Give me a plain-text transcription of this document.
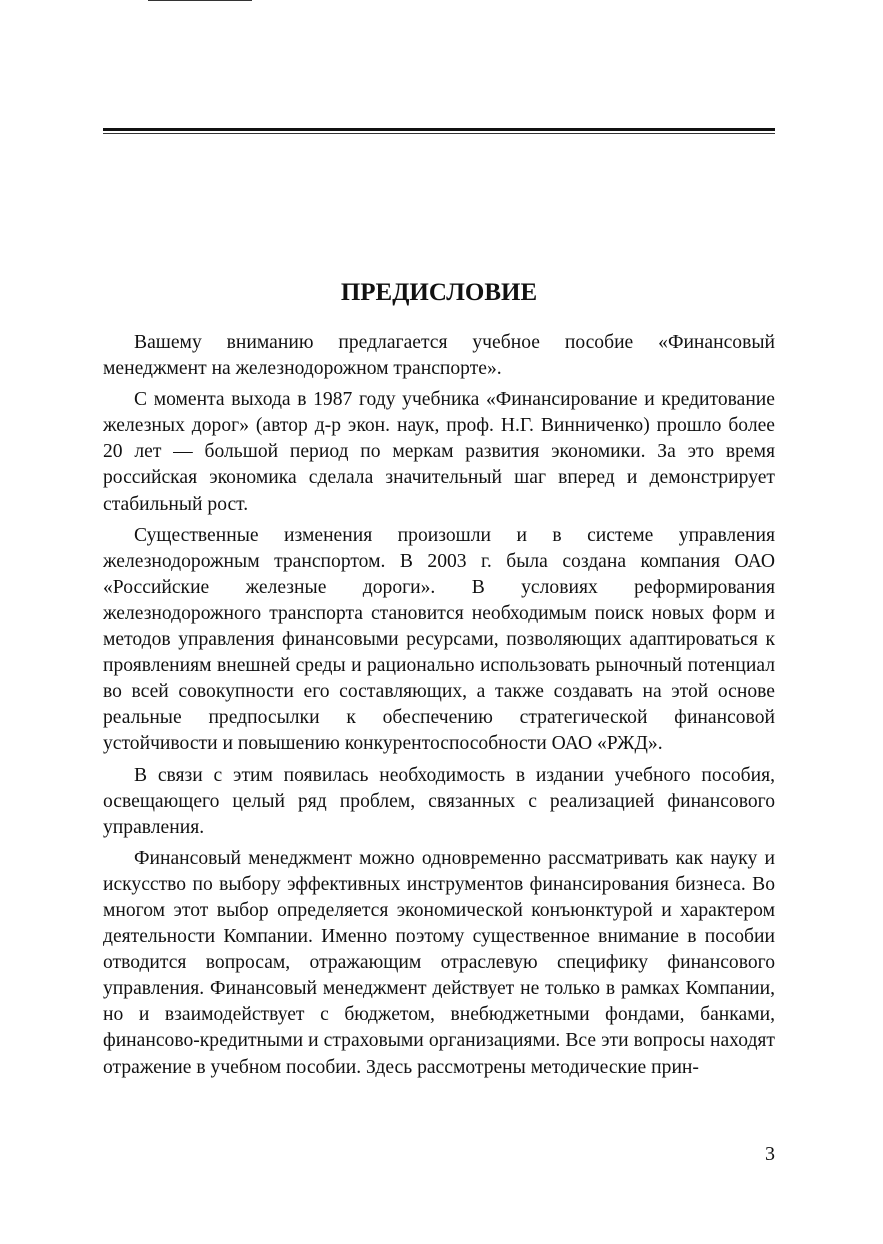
ПРЕДИСЛОВИЕ

Вашему вниманию предлагается учебное пособие «Финансовый менеджмент на железнодорожном транспорте».

С момента выхода в 1987 году учебника «Финансирование и кредитование железных дорог» (автор д-р экон. наук, проф. Н.Г. Винниченко) прошло более 20 лет — большой период по меркам развития экономики. За это время российская экономика сделала значительный шаг вперед и демонстрирует стабильный рост.

Существенные изменения произошли и в системе управления железнодорожным транспортом. В 2003 г. была создана компания ОАО «Российские железные дороги». В условиях реформирования железнодорожного транспорта становится необходимым поиск новых форм и методов управления финансовыми ресурсами, позволяющих адаптироваться к проявлениям внешней среды и рационально использовать рыночный потенциал во всей совокупности его составляющих, а также создавать на этой основе реальные предпосылки к обеспечению стратегической финансовой устойчивости и повышению конкурентоспособности ОАО «РЖД».

В связи с этим появилась необходимость в издании учебного пособия, освещающего целый ряд проблем, связанных с реализацией финансового управления.

Финансовый менеджмент можно одновременно рассматривать как науку и искусство по выбору эффективных инструментов финансирования бизнеса. Во многом этот выбор определяется экономической конъюнктурой и характером деятельности Компании. Именно поэтому существенное внимание в пособии отводится вопросам, отражающим отраслевую специфику финансового управления. Финансовый менеджмент действует не только в рамках Компании, но и взаимодействует с бюджетом, внебюджетными фондами, банками, финансово-кредитными и страховыми организациями. Все эти вопросы находят отражение в учебном пособии. Здесь рассмотрены методические прин-

3
